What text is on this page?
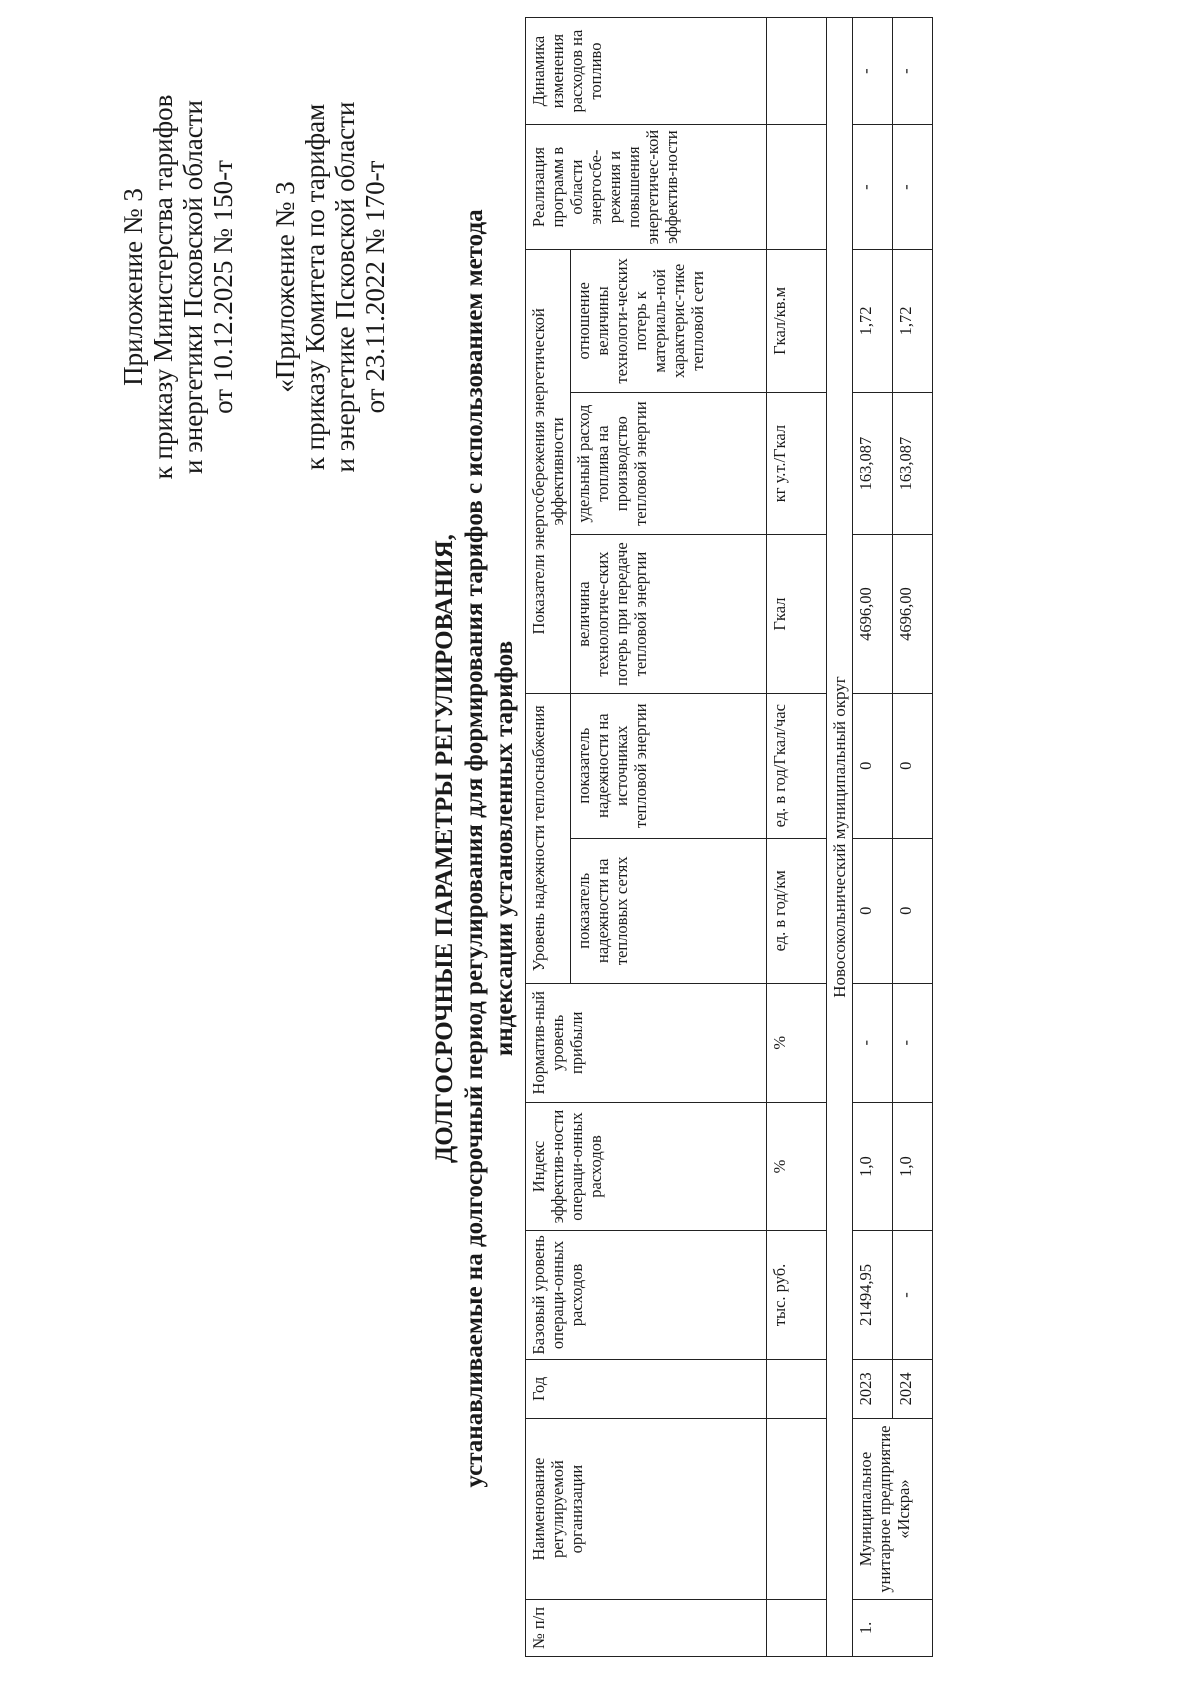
Приложение № 3 к приказу Министерства тарифов и энергетики Псковской области от 10.12.2025 № 150-т «Приложение № 3 к приказу Комитета по тарифам и энергетике Псковской области от 23.11.2022 № 170-т
ДОЛГОСРОЧНЫЕ ПАРАМЕТРЫ РЕГУЛИРОВАНИЯ, устанавливаемые на долгосрочный период регулирования для формирования тарифов с использованием метода индексации установленных тарифов
№ п/п	Наименование регулируемой организации	Год	Базовый уровень операци-онных расходов	Индекс эффектив-ности операци-онных расходов	Норматив-ный уровень прибыли	Уровень надежности теплоснабжения		Показатели энергосбережения энергетической эффективности			Реализация программ в области энергосбе-режения и повышения энергетичес-кой эффектив-ности	Динамика изменения расходов на топливо
						показатель надежности на тепловых сетях	показатель надежности на источниках тепловой энергии	величина технологиче-ских потерь при передаче тепловой энергии	удельный расход топлива на производство тепловой энергии	отношение величины технологи-ческих потерь к материаль-ной характерис-тике тепловой сети		
			тыс. руб.	%	%	ед. в год/км	ед. в год/Гкал/час	Гкал	кг у.т./Гкал	Гкал/кв.м		
Новосокольнический муниципальный округ												
1.	Муниципальное унитарное предприятие «Искра»	2023	21494,95	1,0	-	0	0	4696,00	163,087	1,72	-	-
		2024	-	1,0	-	0	0	4696,00	163,087	1,72	-	-
